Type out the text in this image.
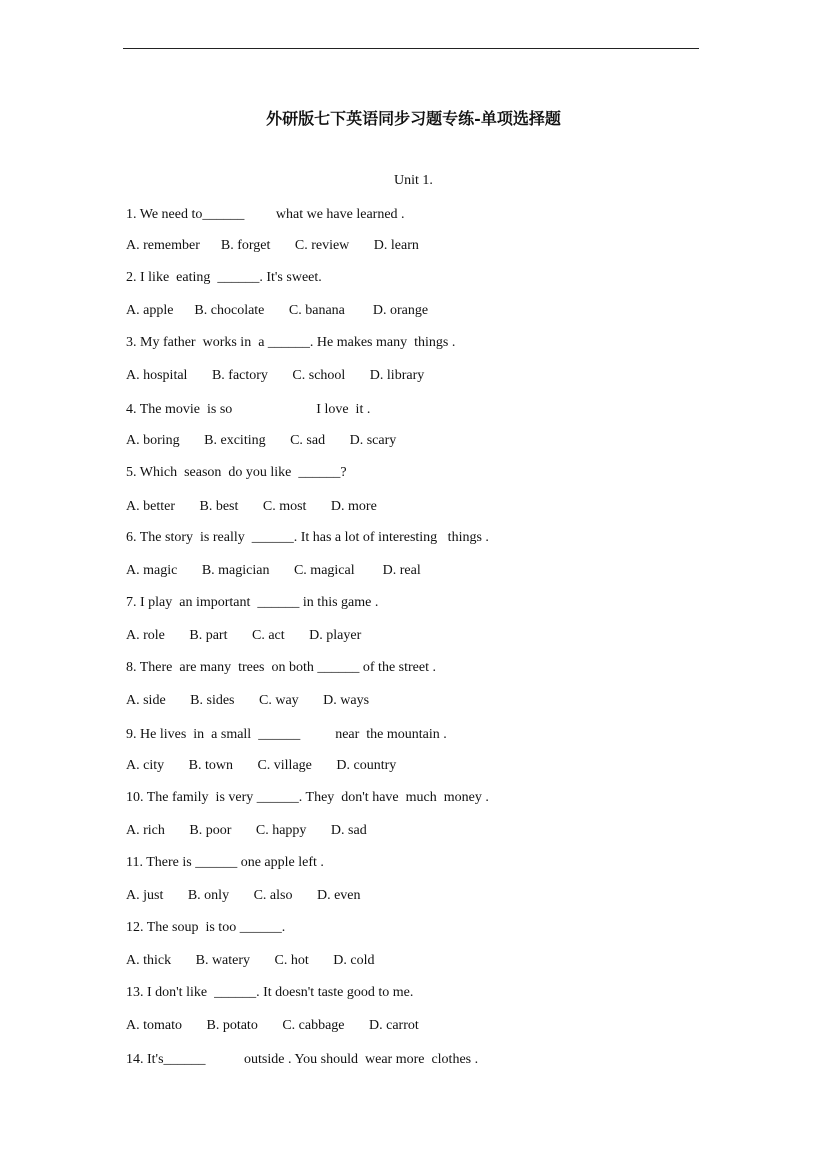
外研版七下英语同步习题专练-单项选择题
Unit 1.
1. We need to______         what we have learned .
A. remember      B. forget       C. review       D. learn
2. I like  eating  ______. It's sweet.
A. apple      B. chocolate       C. banana        D. orange
3. My father  works in  a ______. He makes many  things .
A. hospital       B. factory       C. school       D. library
4. The movie  is so                        I love  it .
A. boring       B. exciting       C. sad       D. scary
5. Which  season  do you like  ______?
A. better       B. best       C. most       D. more
6. The story  is really  ______. It has a lot of interesting   things .
A. magic       B. magician       C. magical        D. real
7. I play  an important  ______ in this game .
A. role       B. part       C. act       D. player
8. There  are many  trees  on both ______ of the street .
A. side       B. sides       C. way       D. ways
9. He lives  in  a small  ______          near  the mountain .
A. city       B. town       C. village       D. country
10. The family  is very ______. They  don't have  much  money .
A. rich       B. poor       C. happy       D. sad
11. There is ______ one apple left .
A. just       B. only       C. also       D. even
12. The soup  is too ______.
A. thick       B. watery       C. hot       D. cold
13. I don't like  ______. It doesn't taste good to me.
A. tomato       B. potato       C. cabbage       D. carrot
14. It's______           outside . You should  wear more  clothes .
